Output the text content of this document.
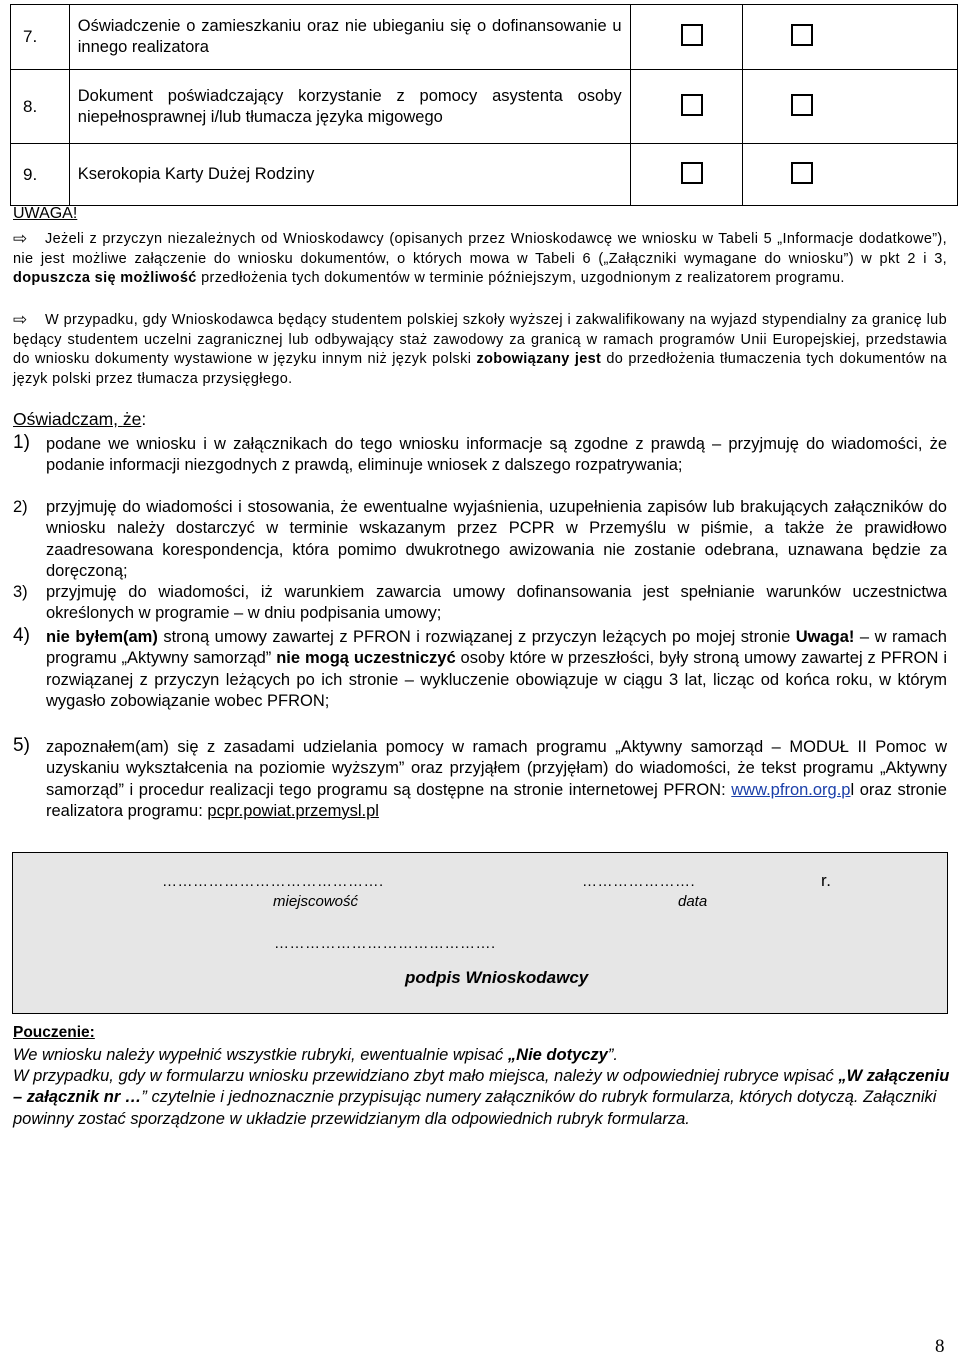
7.	Oświadczenie o zamieszkaniu oraz nie ubieganiu się o dofinansowanie u innego realizatora	

8.	Dokument poświadczający korzystanie z pomocy asystenta osoby niepełnosprawnej i/lub tłumacza języka migowego	

9.	Kserokopia Karty Dużej Rodziny	

UWAGA!
⇨	Jeżeli z przyczyn niezależnych od Wnioskodawcy (opisanych przez Wnioskodawcę we wniosku w Tabeli 5 „Informacje dodatkowe”), nie jest możliwe załączenie do wniosku dokumentów, o których mowa w Tabeli 6 („Załączniki wymagane do wniosku”) w pkt 2 i 3, dopuszcza się możliwość przedłożenia tych dokumentów w terminie późniejszym, uzgodnionym z realizatorem programu.

⇨	W przypadku, gdy Wnioskodawca będący studentem polskiej szkoły wyższej i zakwalifikowany na wyjazd stypendialny za granicę lub będący studentem uczelni zagranicznej lub odbywający staż zawodowy za granicą w ramach programów Unii Europejskiej, przedstawia do wniosku dokumenty wystawione w języku innym niż język polski zobowiązany jest do przedłożenia tłumaczenia tych dokumentów na język polski przez tłumacza przysięgłego.

Oświadczam, że:
1) podane we wniosku i w załącznikach do tego wniosku informacje są zgodne z prawdą – przyjmuję do wiadomości, że podanie informacji niezgodnych z prawdą, eliminuje wniosek z dalszego rozpatrywania;
2) przyjmuję do wiadomości i stosowania, że ewentualne wyjaśnienia, uzupełnienia zapisów lub brakujących załączników do wniosku należy dostarczyć w terminie wskazanym przez PCPR w Przemyślu w piśmie, a także że prawidłowo zaadresowana korespondencja, która pomimo dwukrotnego awizowania nie zostanie odebrana, uznawana będzie za doręczoną;
3) przyjmuję do wiadomości, iż warunkiem zawarcia umowy dofinansowania jest spełnianie warunków uczestnictwa określonych w programie – w dniu podpisania umowy;
4) nie byłem(am) stroną umowy zawartej z PFRON i rozwiązanej z przyczyn leżących po mojej stronie Uwaga! – w ramach programu „Aktywny samorząd” nie mogą uczestniczyć osoby które w przeszłości, były stroną umowy zawartej z PFRON i rozwiązanej z przyczyn leżących po ich stronie – wykluczenie obowiązuje w ciągu 3 lat, licząc od końca roku, w którym wygasło zobowiązanie wobec PFRON;
5) zapoznałem(am) się z zasadami udzielania pomocy w ramach programu „Aktywny samorząd – MODUŁ II Pomoc w uzyskaniu wykształcenia na poziomie wyższym” oraz przyjąłem (przyjęłam) do wiadomości, że tekst programu „Aktywny samorząd” i procedur realizacji tego programu są dostępne na stronie internetowej PFRON: www.pfron.org.pl oraz stronie realizatora programu: pcpr.powiat.przemysl.pl
…………………………………….
miejscowość
………………….	r.
data
…………………………………….
podpis Wnioskodawcy
Pouczenie:

We wniosku należy wypełnić wszystkie rubryki, ewentualnie wpisać „Nie dotyczy”.

W przypadku, gdy w formularzu wniosku przewidziano zbyt mało miejsca, należy w odpowiedniej rubryce wpisać „W załączeniu – załącznik nr …” czytelnie i jednoznacznie przypisując numery załączników do rubryk formularza, których dotyczą. Załączniki powinny zostać sporządzone w układzie przewidzianym dla odpowiednich rubryk formularza.

8
